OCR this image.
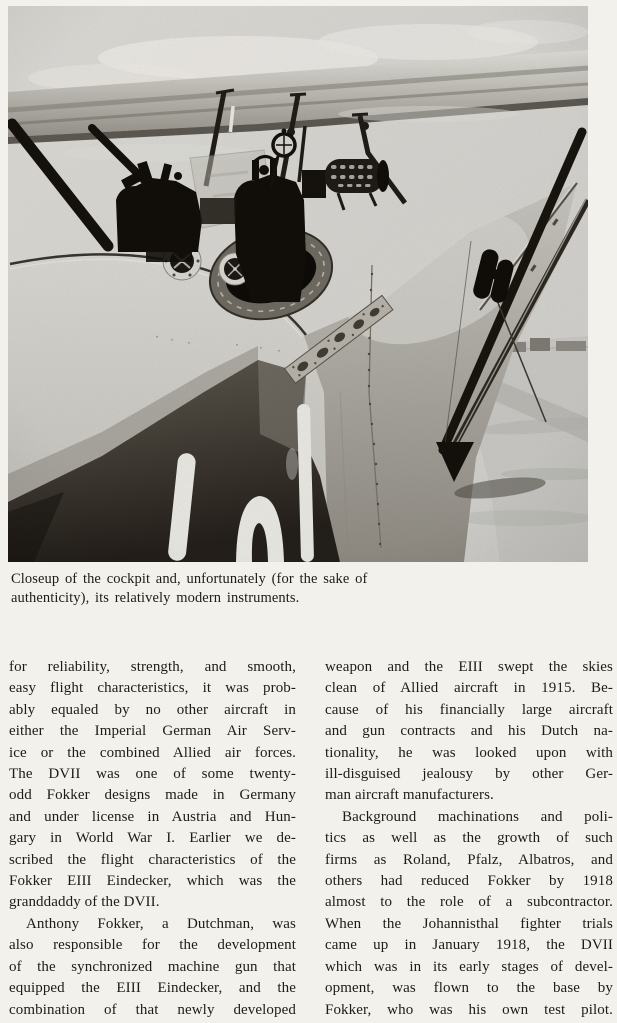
Closeup of the cockpit and, unfortunately (for the sake of
authenticity), its relatively modern instruments.
for reliability, strength, and smooth,
easy flight characteristics, it was prob-
ably equaled by no other aircraft in
either the Imperial German Air Serv-
ice or the combined Allied air forces.
The DVII was one of some twenty-
odd Fokker designs made in Germany
and under license in Austria and Hun-
gary in World War I. Earlier we de-
scribed the flight characteristics of the
Fokker EIII Eindecker, which was the
granddaddy of the DVII.
Anthony Fokker, a Dutchman, was
also responsible for the development
of the synchronized machine gun that
equipped the EIII Eindecker, and the
combination of that newly developed
weapon and the EIII swept the skies
clean of Allied aircraft in 1915. Be-
cause of his financially large aircraft
and gun contracts and his Dutch na-
tionality, he was looked upon with
ill-disguised jealousy by other Ger-
man aircraft manufacturers.
Background machinations and poli-
tics as well as the growth of such
firms as Roland, Pfalz, Albatros, and
others had reduced Fokker by 1918
almost to the role of a subcontractor.
When the Johannisthal fighter trials
came up in January 1918, the DVII
which was in its early stages of devel-
opment, was flown to the base by
Fokker, who was his own test pilot.
